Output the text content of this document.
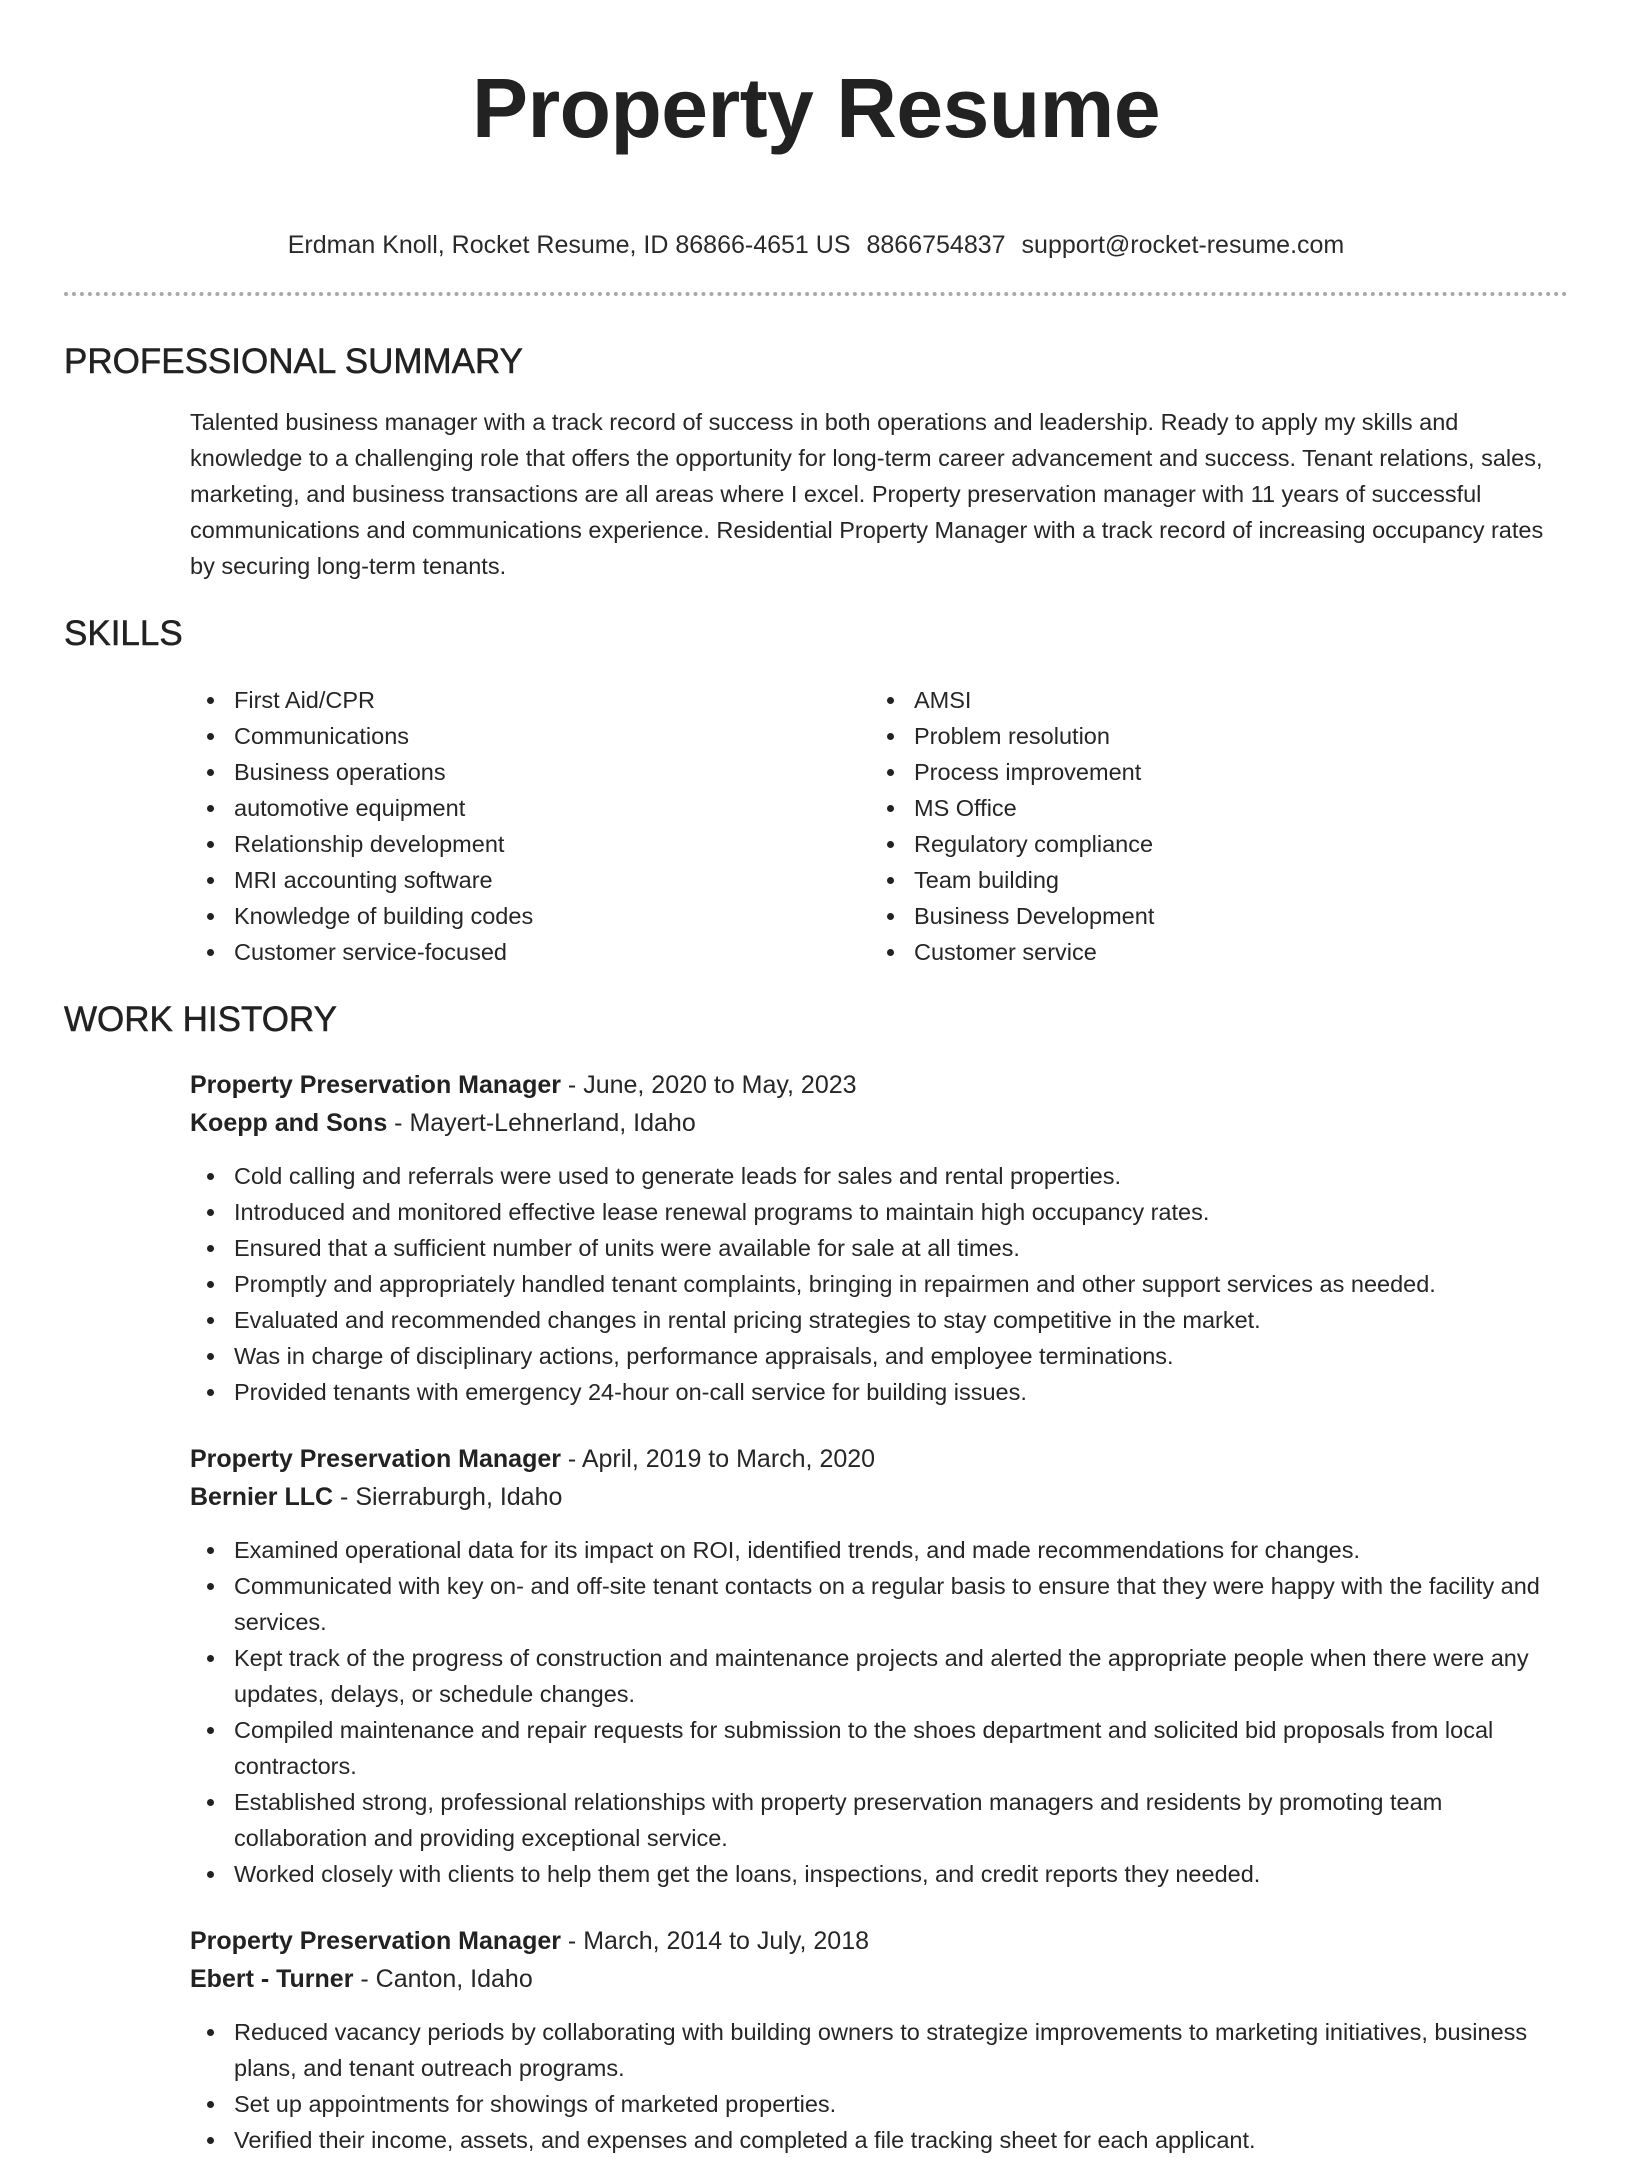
Property Resume
Erdman Knoll, Rocket Resume, ID 86866-4651 US 8866754837 support@rocket-resume.com
PROFESSIONAL SUMMARY

Talented business manager with a track record of success in both operations and leadership. Ready to apply my skills and knowledge to a challenging role that offers the opportunity for long-term career advancement and success. Tenant relations, sales, marketing, and business transactions are all areas where I excel. Property preservation manager with 11 years of successful communications and communications experience. Residential Property Manager with a track record of increasing occupancy rates by securing long-term tenants.

SKILLS
First Aid/CPR
Communications
Business operations
automotive equipment
Relationship development
MRI accounting software
Knowledge of building codes
Customer service-focused
AMSI
Problem resolution
Process improvement
MS Office
Regulatory compliance
Team building
Business Development
Customer service
WORK HISTORY
Property Preservation Manager - June, 2020 to May, 2023
Koepp and Sons - Mayert-Lehnerland, Idaho
Cold calling and referrals were used to generate leads for sales and rental properties.
Introduced and monitored effective lease renewal programs to maintain high occupancy rates.
Ensured that a sufficient number of units were available for sale at all times.
Promptly and appropriately handled tenant complaints, bringing in repairmen and other support services as needed.
Evaluated and recommended changes in rental pricing strategies to stay competitive in the market.
Was in charge of disciplinary actions, performance appraisals, and employee terminations.
Provided tenants with emergency 24-hour on-call service for building issues.
Property Preservation Manager - April, 2019 to March, 2020
Bernier LLC - Sierraburgh, Idaho
Examined operational data for its impact on ROI, identified trends, and made recommendations for changes.
Communicated with key on- and off-site tenant contacts on a regular basis to ensure that they were happy with the facility and services.
Kept track of the progress of construction and maintenance projects and alerted the appropriate people when there were any updates, delays, or schedule changes.
Compiled maintenance and repair requests for submission to the shoes department and solicited bid proposals from local contractors.
Established strong, professional relationships with property preservation managers and residents by promoting team collaboration and providing exceptional service.
Worked closely with clients to help them get the loans, inspections, and credit reports they needed.
Property Preservation Manager - March, 2014 to July, 2018
Ebert - Turner - Canton, Idaho
Reduced vacancy periods by collaborating with building owners to strategize improvements to marketing initiatives, business plans, and tenant outreach programs.
Set up appointments for showings of marketed properties.
Verified their income, assets, and expenses and completed a file tracking sheet for each applicant.
